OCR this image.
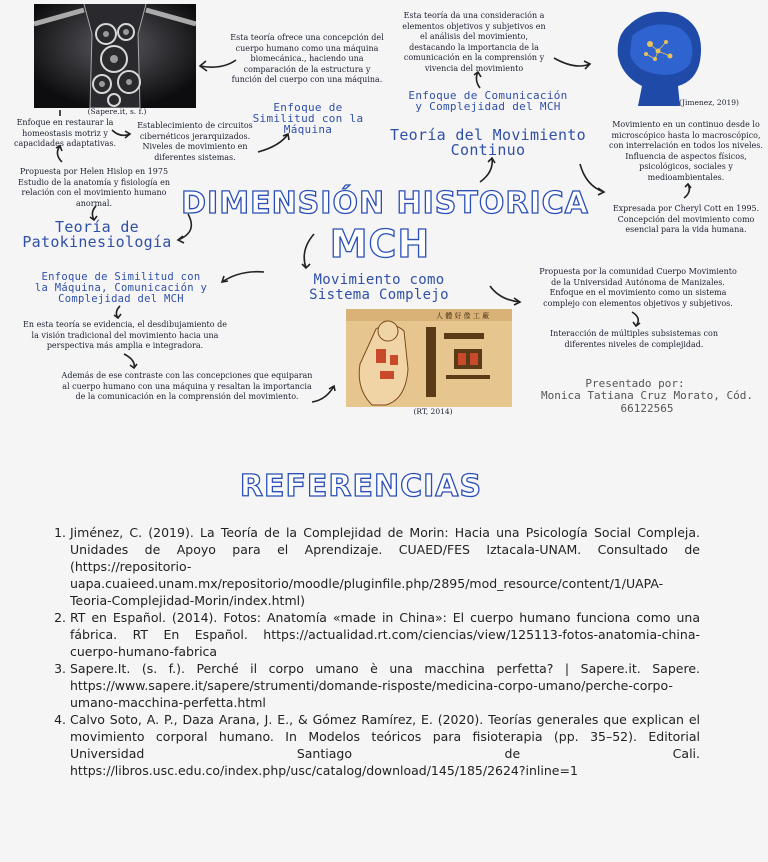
(Sapere.it, s. f.)
Esta teoría ofrece una concepción del cuerpo humano como una máquina biomecánica., haciendo una comparación de la estructura y función del cuerpo con una máquina.
Enfoque de Similitud con la Máquina
Enfoque en restaurar la homeostasis motriz y capacidades adaptativas.
Establecimiento de circuitos cibernéticos jerarquizados. Niveles de movimiento en diferentes sistemas.
Esta teoría da una consideración a elementos objetivos y subjetivos en el análisis del movimiento, destacando la importancia de la comunicación en la comprensión y vivencia del movimiento
Enfoque de Comunicación y Complejidad del MCH	(Jimenez, 2019)
Teoría del Movimiento Continuo
Movimiento en un continuo desde lo microscópico hasta lo macroscópico, con interrelación en todos los niveles. Influencia de aspectos físicos, psicológicos, sociales y medioambientales.
Expresada por Cheryl Cott en 1995. Concepción del movimiento como esencial para la vida humana.
Propuesta por Helen Hislop en 1975 Estudio de la anatomía y fisiología en relación con el movimiento humano anormal.
Teoría de Patokinesiología
DIMENSIÓN HISTORICA
MCH
Enfoque de Similitud con la Máquina, Comunicación y Complejidad del MCH
Movimiento como Sistema Complejo
Propuesta por la comunidad Cuerpo Movimiento de la Universidad Autónoma de Manizales. Enfoque en el movimiento como un sistema complejo con elementos objetivos y subjetivos.
Interacción de múltiples subsistemas con diferentes niveles de complejidad.
En esta teoría se evidencia, el desdibujamiento de la visión tradicional del movimiento hacia una perspectiva más amplia e integradora.
Además de ese contraste con las concepciones que equiparan al cuerpo humano con una máquina y resaltan la importancia de la comunicación en la comprensión del movimiento.
人 體 好 像 工 廠
(RT, 2014)
Presentado por:
Monica Tatiana Cruz Morato, Cód. 66122565
REFERENCIAS
1. Jiménez, C. (2019). La Teoría de la Complejidad de Morin: Hacia una Psicología Social Compleja. Unidades de Apoyo para el Aprendizaje. CUAED/FES Iztacala-UNAM. Consultado de (https://repositorio-uapa.cuaieed.unam.mx/repositorio/moodle/pluginfile.php/2895/mod_resource/content/1/UAPA-Teoria-Complejidad-Morin/index.html)
2. RT en Español. (2014). Fotos: Anatomía «made in China»: El cuerpo humano funciona como una fábrica. RT En Español. https://actualidad.rt.com/ciencias/view/125113-fotos-anatomia-china-cuerpo-humano-fabrica
3. Sapere.It. (s. f.). Perché il corpo umano è una macchina perfetta? | Sapere.it. Sapere. https://www.sapere.it/sapere/strumenti/domande-risposte/medicina-corpo-umano/perche-corpo-umano-macchina-perfetta.html
4. Calvo Soto, A. P., Daza Arana, J. E., & Gómez Ramírez, E. (2020). Teorías generales que explican el movimiento corporal humano. In Modelos teóricos para fisioterapia (pp. 35–52). Editorial Universidad Santiago de Cali. https://libros.usc.edu.co/index.php/usc/catalog/download/145/185/2624?inline=1
